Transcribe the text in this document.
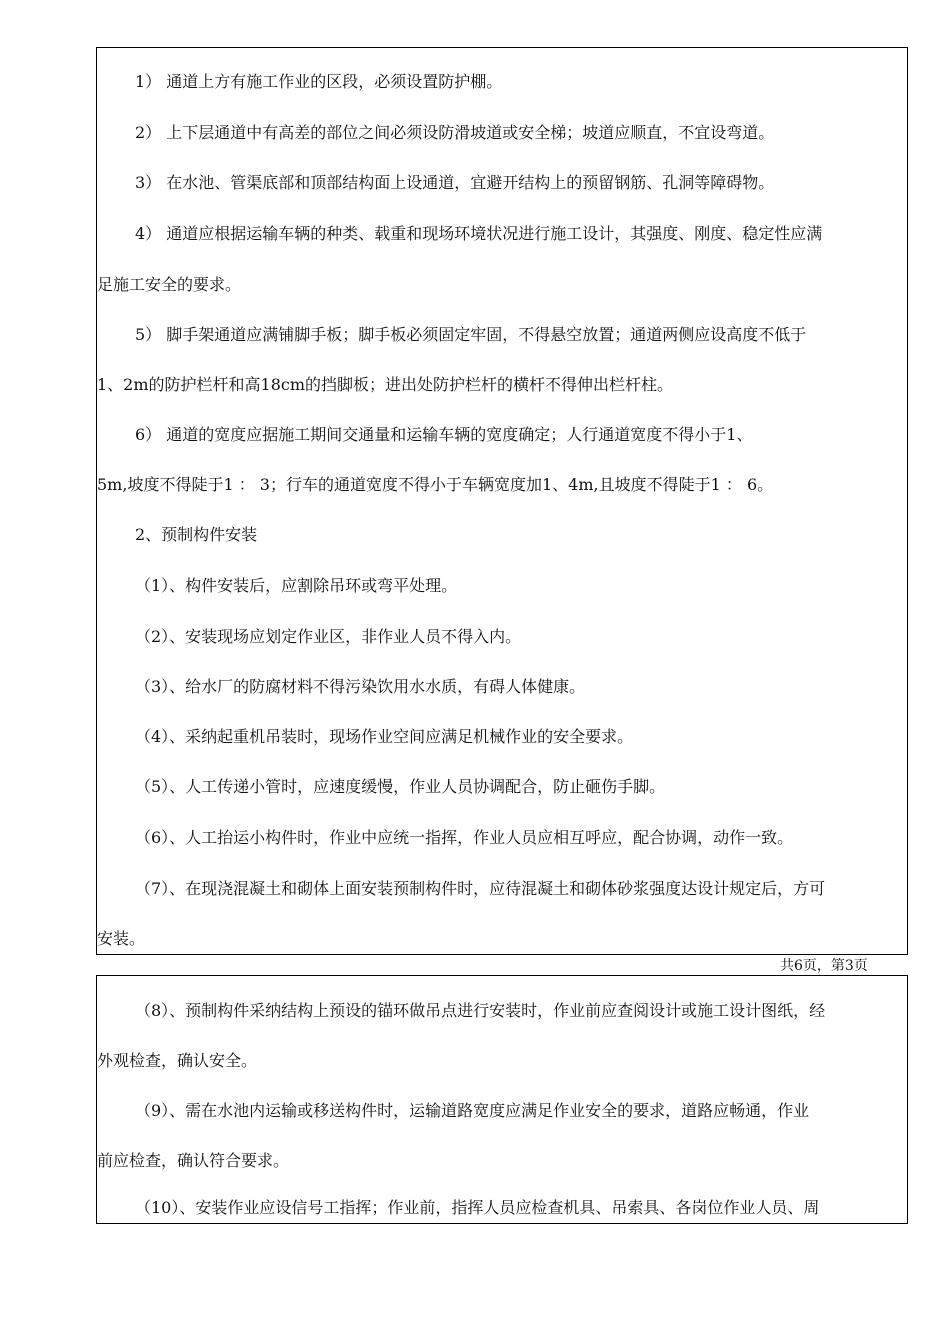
1） 通道上方有施工作业的区段，必须设置防护棚。
2） 上下层通道中有高差的部位之间必须设防滑坡道或安全梯；坡道应顺直，不宜设弯道。
3） 在水池、管渠底部和顶部结构面上设通道，宜避开结构上的预留钢筋、孔洞等障碍物。
4） 通道应根据运输车辆的种类、载重和现场环境状况进行施工设计，其强度、刚度、稳定性应满
足施工安全的要求。
5） 脚手架通道应满铺脚手板；脚手板必须固定牢固，不得悬空放置；通道两侧应设高度不低于
1、2m的防护栏杆和高18cm的挡脚板；进出处防护栏杆的横杆不得伸出栏杆柱。
6） 通道的宽度应据施工期间交通量和运输车辆的宽度确定；人行通道宽度不得小于1、
5m,坡度不得陡于1 ： 3；行车的通道宽度不得小于车辆宽度加1、4m,且坡度不得陡于1 ： 6。
2、预制构件安装
（1）、构件安装后，应割除吊环或弯平处理。
（2）、安装现场应划定作业区，非作业人员不得入内。
（3）、给水厂的防腐材料不得污染饮用水水质，有碍人体健康。
（4）、采纳起重机吊装时，现场作业空间应满足机械作业的安全要求。
（5）、人工传递小管时，应速度缓慢，作业人员协调配合，防止砸伤手脚。
（6）、人工抬运小构件时，作业中应统一指挥，作业人员应相互呼应，配合协调，动作一致。
（7）、在现浇混凝土和砌体上面安装预制构件时，应待混凝土和砌体砂浆强度达设计规定后，方可
安装。
共6页，第3页
（8）、预制构件采纳结构上预设的锚环做吊点进行安装时，作业前应查阅设计或施工设计图纸，经
外观检查，确认安全。
（9）、需在水池内运输或移送构件时，运输道路宽度应满足作业安全的要求，道路应畅通，作业
前应检查，确认符合要求。
（10）、安装作业应设信号工指挥；作业前，指挥人员应检查机具、吊索具、各岗位作业人员、周
